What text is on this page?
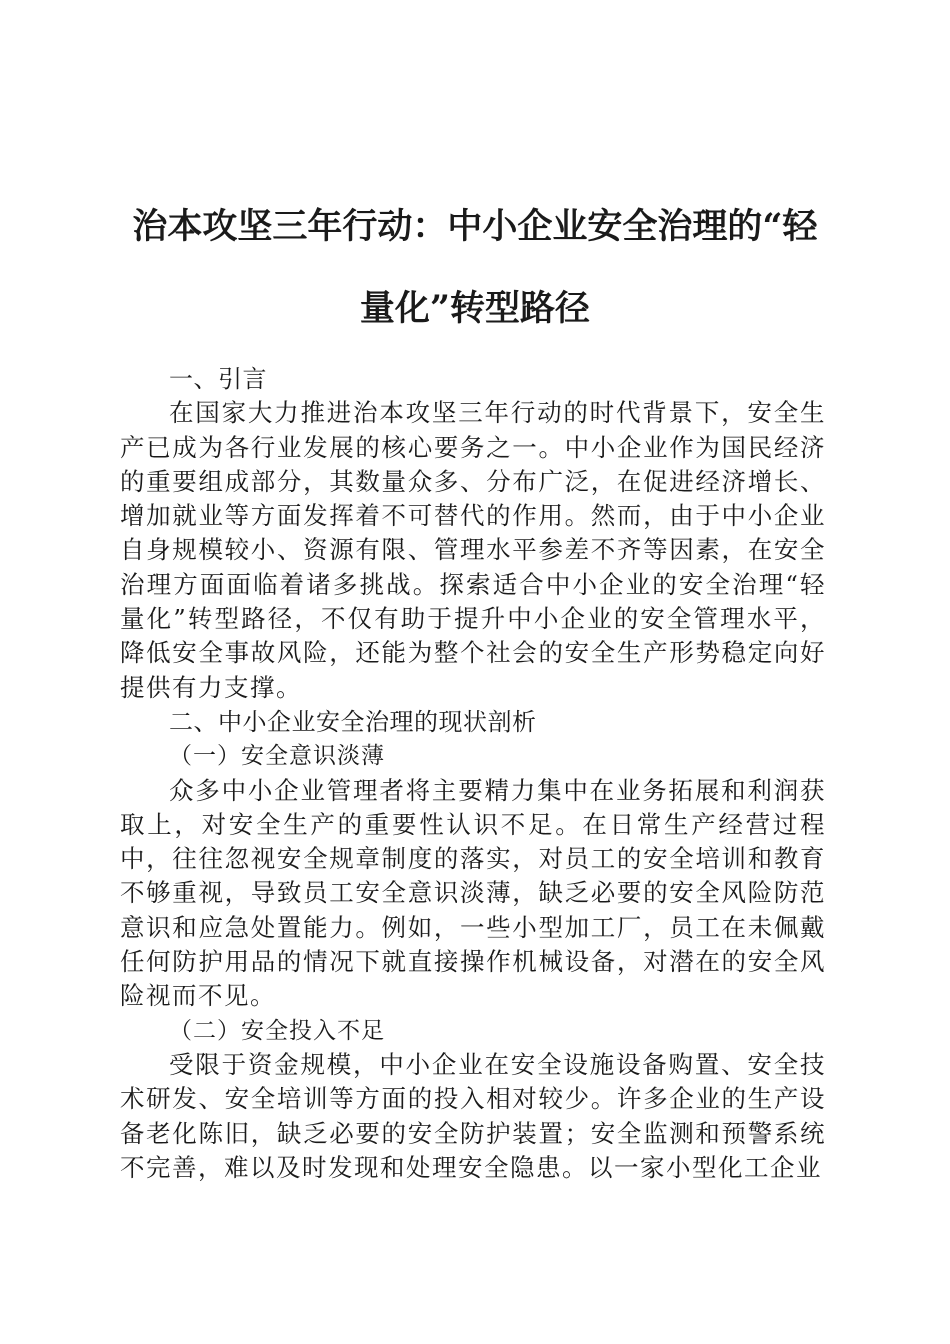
治本攻坚三年行动：中小企业安全治理的“轻量化”转型路径
一、引言

在国家大力推进治本攻坚三年行动的时代背景下，安全生产已成为各行业发展的核心要务之一。中小企业作为国民经济的重要组成部分，其数量众多、分布广泛，在促进经济增长、增加就业等方面发挥着不可替代的作用。然而，由于中小企业自身规模较小、资源有限、管理水平参差不齐等因素，在安全治理方面面临着诸多挑战。探索适合中小企业的安全治理“轻量化”转型路径，不仅有助于提升中小企业的安全管理水平，降低安全事故风险，还能为整个社会的安全生产形势稳定向好提供有力支撑。

二、中小企业安全治理的现状剖析
（一）安全意识淡薄

众多中小企业管理者将主要精力集中在业务拓展和利润获取上，对安全生产的重要性认识不足。在日常生产经营过程中，往往忽视安全规章制度的落实，对员工的安全培训和教育不够重视，导致员工安全意识淡薄，缺乏必要的安全风险防范意识和应急处置能力。例如，一些小型加工厂，员工在未佩戴任何防护用品的情况下就直接操作机械设备，对潜在的安全风险视而不见。

（二）安全投入不足

受限于资金规模，中小企业在安全设施设备购置、安全技术研发、安全培训等方面的投入相对较少。许多企业的生产设备老化陈旧，缺乏必要的安全防护装置；安全监测和预警系统不完善，难以及时发现和处理安全隐患。以一家小型化工企业
